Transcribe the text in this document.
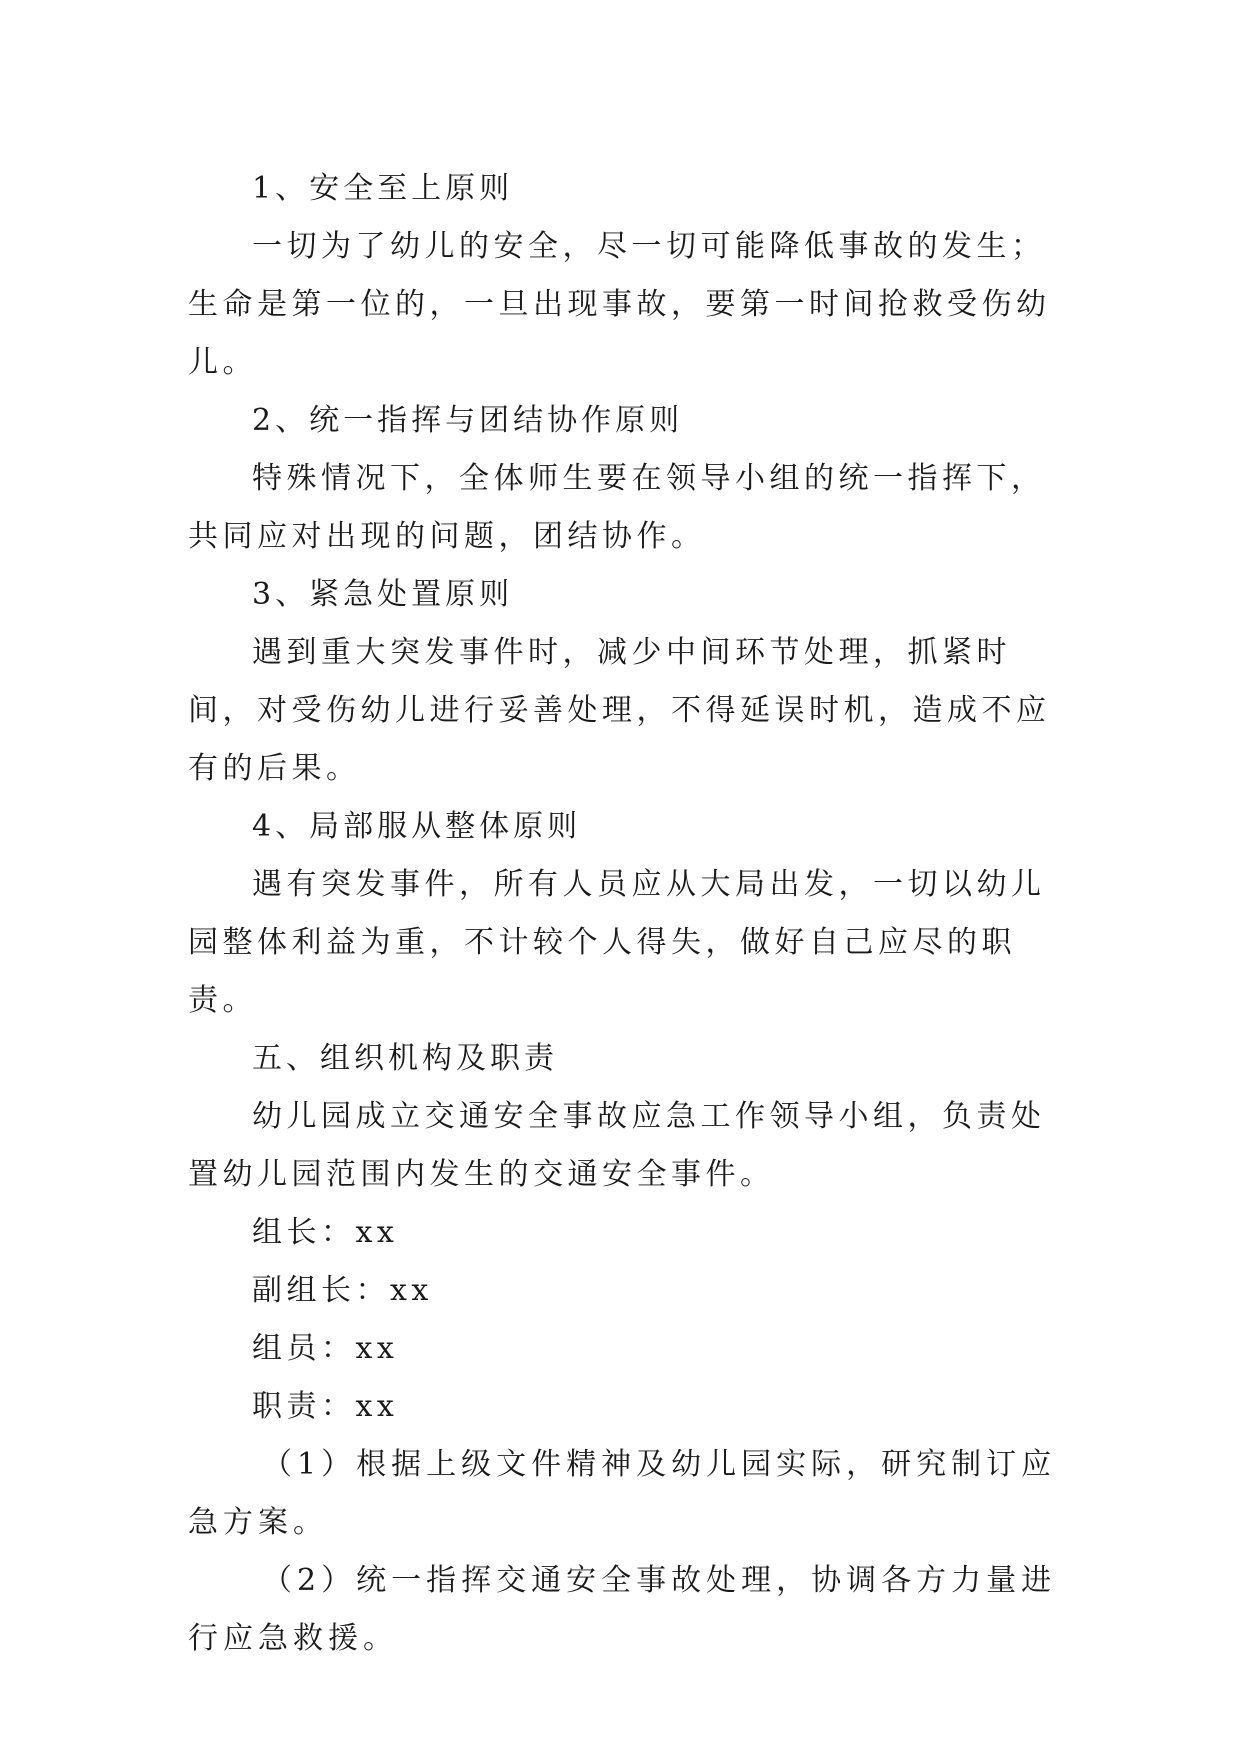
1、安全至上原则

一切为了幼儿的安全，尽一切可能降低事故的发生；生命是第一位的，一旦出现事故，要第一时间抢救受伤幼儿。

2、统一指挥与团结协作原则

特殊情况下，全体师生要在领导小组的统一指挥下，共同应对出现的问题，团结协作。

3、紧急处置原则

遇到重大突发事件时，减少中间环节处理，抓紧时间，对受伤幼儿进行妥善处理，不得延误时机，造成不应有的后果。

4、局部服从整体原则

遇有突发事件，所有人员应从大局出发，一切以幼儿园整体利益为重，不计较个人得失，做好自己应尽的职责。

五、组织机构及职责

幼儿园成立交通安全事故应急工作领导小组，负责处置幼儿园范围内发生的交通安全事件。

组长：xx

副组长：xx

组员：xx

职责：xx

（1）根据上级文件精神及幼儿园实际，研究制订应急方案。

（2）统一指挥交通安全事故处理，协调各方力量进行应急救援。
